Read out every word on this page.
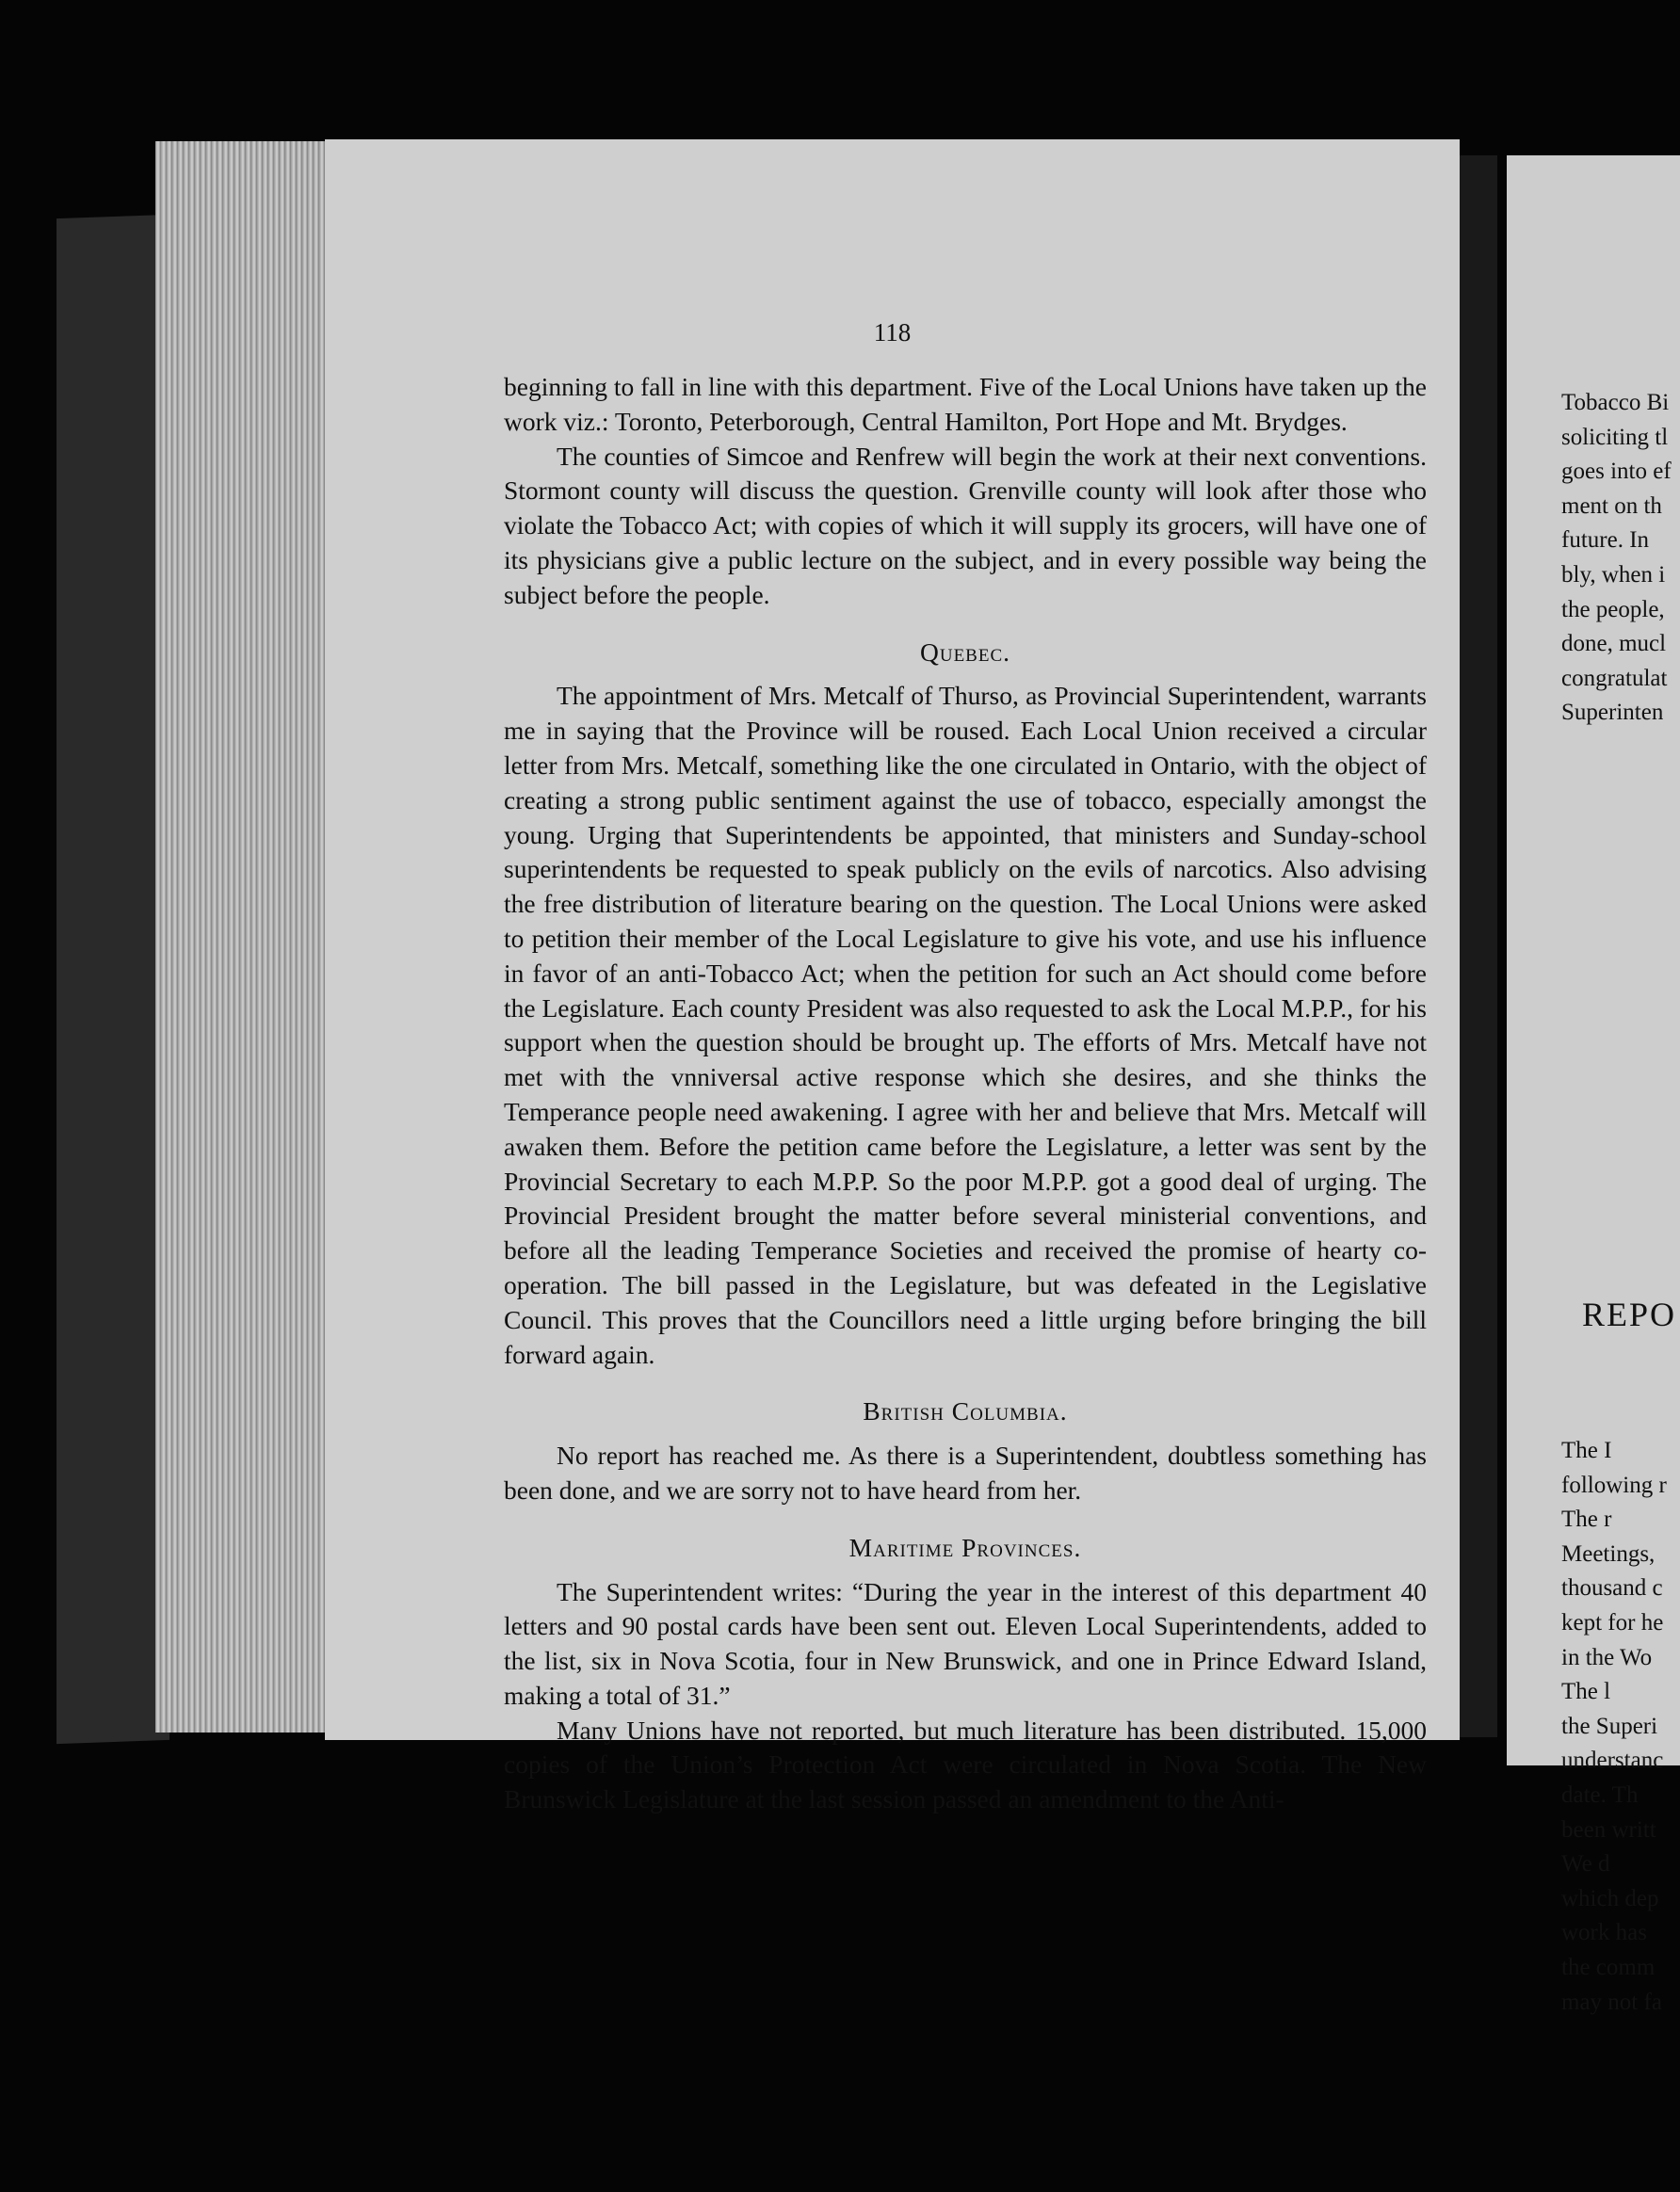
118

beginning to fall in line with this department. Five of the Local Unions have taken up the work viz.: Toronto, Peterborough, Central Hamilton, Port Hope and Mt. Brydges.

The counties of Simcoe and Renfrew will begin the work at their next conventions. Stormont county will discuss the question. Grenville county will look after those who violate the Tobacco Act; with copies of which it will supply its grocers, will have one of its physicians give a public lecture on the subject, and in every possible way being the subject before the people.

Quebec.

The appointment of Mrs. Metcalf of Thurso, as Provincial Superintendent, warrants me in saying that the Province will be roused. Each Local Union received a circular letter from Mrs. Metcalf, something like the one circulated in Ontario, with the object of creating a strong public sentiment against the use of tobacco, especially amongst the young. Urging that Superintendents be appointed, that ministers and Sunday-school superintendents be requested to speak publicly on the evils of narcotics. Also advising the free distribution of literature bearing on the question. The Local Unions were asked to petition their member of the Local Legislature to give his vote, and use his influence in favor of an anti-Tobacco Act; when the petition for such an Act should come before the Legislature. Each county President was also requested to ask the Local M.P.P., for his support when the question should be brought up. The efforts of Mrs. Metcalf have not met with the vnniversal active response which she desires, and she thinks the Temperance people need awakening. I agree with her and believe that Mrs. Metcalf will awaken them. Before the petition came before the Legislature, a letter was sent by the Provincial Secretary to each M.P.P. So the poor M.P.P. got a good deal of urging. The Provincial President brought the matter before several ministerial conventions, and before all the leading Temperance Societies and received the promise of hearty co-operation. The bill passed in the Legislature, but was defeated in the Legislative Council. This proves that the Councillors need a little urging before bringing the bill forward again.

British Columbia.

No report has reached me. As there is a Superintendent, doubtless something has been done, and we are sorry not to have heard from her.

Maritime Provinces.

The Superintendent writes: “During the year in the interest of this department 40 letters and 90 postal cards have been sent out. Eleven Local Superintendents, added to the list, six in Nova Scotia, four in New Brunswick, and one in Prince Edward Island, making a total of 31.”

Many Unions have not reported, but much literature has been distributed. 15,000 copies of the Union’s Protection Act were circulated in Nova Scotia. The New Brunswick Legislature at the last session passed an amendment to the Anti-

Tobacco Bi
soliciting tl
goes into ef
ment on th
future. In
bly, when i
the people,
done, mucl
congratulat
Superinten
REPO
The I
following r
The r
Meetings,
thousand c
kept for he
in the Wo
The l
the Superi
understanc
date. Th
been writt
We d
which dep
work has
the comm
may not fa
